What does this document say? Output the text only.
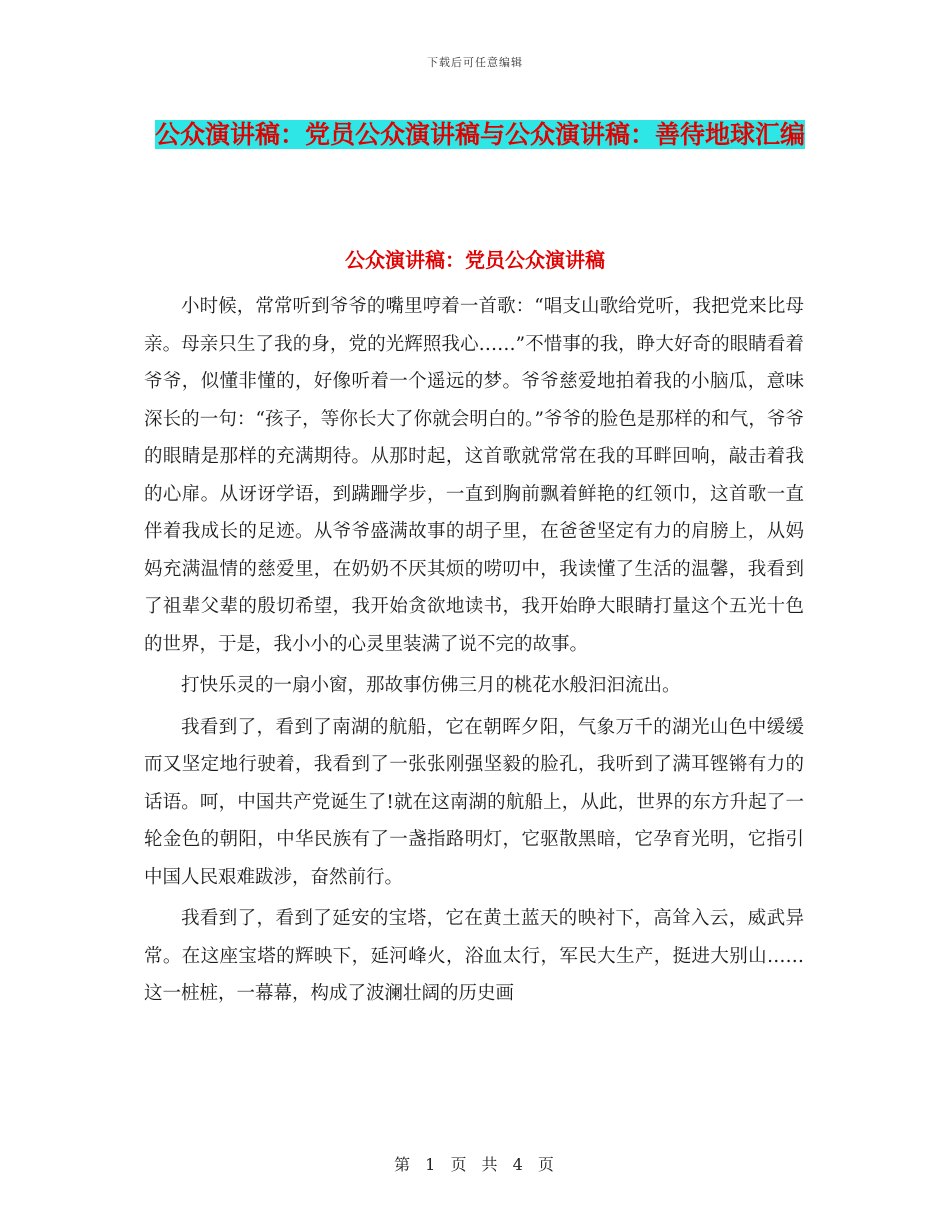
下载后可任意编辑
公众演讲稿：党员公众演讲稿与公众演讲稿：善待地球汇编
公众演讲稿：党员公众演讲稿

小时候，常常听到爷爷的嘴里哼着一首歌：“唱支山歌给党听，我把党来比母亲。母亲只生了我的身，党的光辉照我心……”不惜事的我，睁大好奇的眼睛看着爷爷，似懂非懂的，好像听着一个遥远的梦。爷爷慈爱地拍着我的小脑瓜，意味深长的一句：“孩子，等你长大了你就会明白的。”爷爷的脸色是那样的和气，爷爷的眼睛是那样的充满期待。从那时起，这首歌就常常在我的耳畔回响，敲击着我的心扉。从讶讶学语，到蹒跚学步，一直到胸前飘着鲜艳的红领巾，这首歌一直伴着我成长的足迹。从爷爷盛满故事的胡子里，在爸爸坚定有力的肩膀上，从妈妈充满温情的慈爱里，在奶奶不厌其烦的唠叨中，我读懂了生活的温馨，我看到了祖辈父辈的殷切希望，我开始贪欲地读书，我开始睁大眼睛打量这个五光十色的世界，于是，我小小的心灵里装满了说不完的故事。

打快乐灵的一扇小窗，那故事仿佛三月的桃花水般汩汩流出。

我看到了，看到了南湖的航船，它在朝晖夕阳，气象万千的湖光山色中缓缓而又坚定地行驶着，我看到了一张张刚强坚毅的脸孔，我听到了满耳铿锵有力的话语。呵，中国共产党诞生了!就在这南湖的航船上，从此，世界的东方升起了一轮金色的朝阳，中华民族有了一盏指路明灯，它驱散黑暗，它孕育光明，它指引中国人民艰难跋涉，奋然前行。

我看到了，看到了延安的宝塔，它在黄土蓝天的映衬下，高耸入云，威武异常。在这座宝塔的辉映下，延河峰火，浴血太行，军民大生产，挺进大别山……这一桩桩，一幕幕，构成了波澜壮阔的历史画

第 1 页 共 4 页
